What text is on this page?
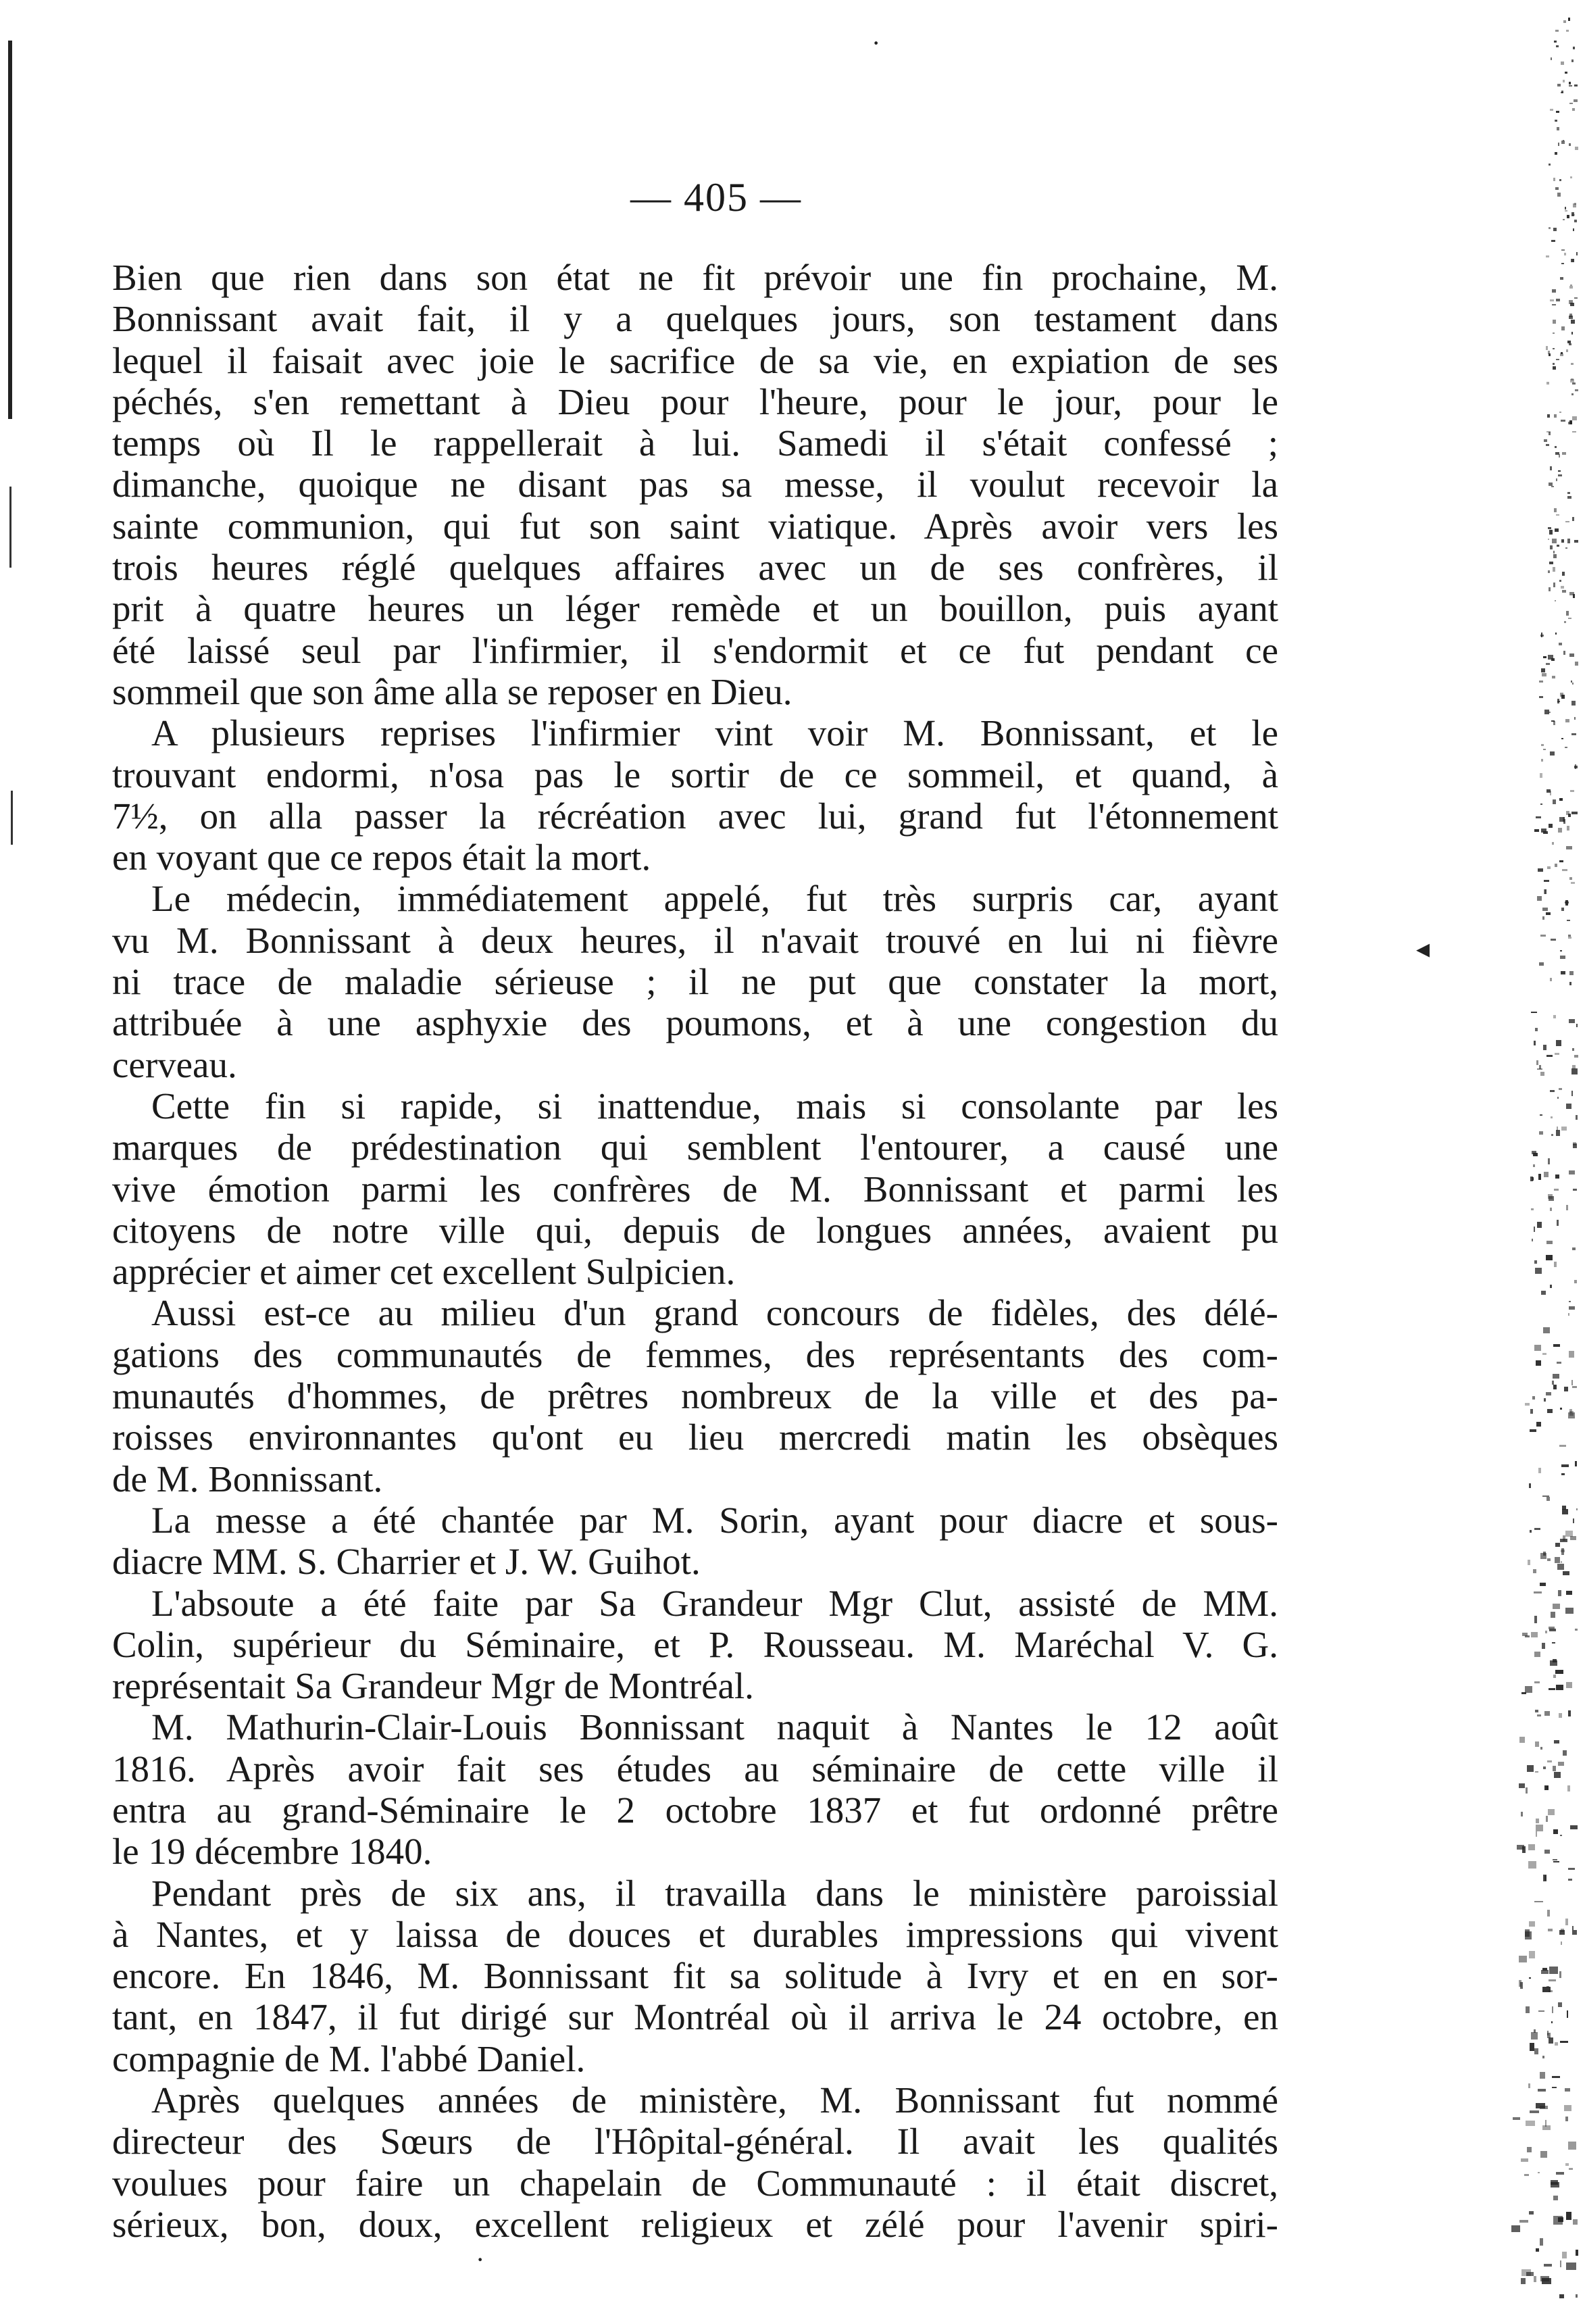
— 405 —
Bien que rien dans son état ne fit prévoir une fin prochaine, M.
Bonnissant avait fait, il y a quelques jours, son testament dans
lequel il faisait avec joie le sacrifice de sa vie, en expiation de ses
péchés, s'en remettant à Dieu pour l'heure, pour le jour, pour le
temps où Il le rappellerait à lui. Samedi il s'était confessé ;
dimanche, quoique ne disant pas sa messe, il voulut recevoir la
sainte communion, qui fut son saint viatique. Après avoir vers les
trois heures réglé quelques affaires avec un de ses confrères, il
prit à quatre heures un léger remède et un bouillon, puis ayant
été laissé seul par l'infirmier, il s'endormit et ce fut pendant ce
sommeil que son âme alla se reposer en Dieu.
A plusieurs reprises l'infirmier vint voir M. Bonnissant, et le
trouvant endormi, n'osa pas le sortir de ce sommeil, et quand, à
7½, on alla passer la récréation avec lui, grand fut l'étonnement
en voyant que ce repos était la mort.
Le médecin, immédiatement appelé, fut très surpris car, ayant
vu M. Bonnissant à deux heures, il n'avait trouvé en lui ni fièvre
ni trace de maladie sérieuse ; il ne put que constater la mort,
attribuée à une asphyxie des poumons, et à une congestion du
cerveau.
Cette fin si rapide, si inattendue, mais si consolante par les
marques de prédestination qui semblent l'entourer, a causé une
vive émotion parmi les confrères de M. Bonnissant et parmi les
citoyens de notre ville qui, depuis de longues années, avaient pu
apprécier et aimer cet excellent Sulpicien.
Aussi est-ce au milieu d'un grand concours de fidèles, des délé-
gations des communautés de femmes, des représentants des com-
munautés d'hommes, de prêtres nombreux de la ville et des pa-
roisses environnantes qu'ont eu lieu mercredi matin les obsèques
de M. Bonnissant.
La messe a été chantée par M. Sorin, ayant pour diacre et sous-
diacre MM. S. Charrier et J. W. Guihot.
L'absoute a été faite par Sa Grandeur Mgr Clut, assisté de MM.
Colin, supérieur du Séminaire, et P. Rousseau. M. Maréchal V. G.
représentait Sa Grandeur Mgr de Montréal.
M. Mathurin-Clair-Louis Bonnissant naquit à Nantes le 12 août
1816. Après avoir fait ses études au séminaire de cette ville il
entra au grand-Séminaire le 2 octobre 1837 et fut ordonné prêtre
le 19 décembre 1840.
Pendant près de six ans, il travailla dans le ministère paroissial
à Nantes, et y laissa de douces et durables impressions qui vivent
encore. En 1846, M. Bonnissant fit sa solitude à Ivry et en en sor-
tant, en 1847, il fut dirigé sur Montréal où il arriva le 24 octobre, en
compagnie de M. l'abbé Daniel.
Après quelques années de ministère, M. Bonnissant fut nommé
directeur des Sœurs de l'Hôpital-général. Il avait les qualités
voulues pour faire un chapelain de Communauté : il était discret,
sérieux, bon, doux, excellent religieux et zélé pour l'avenir spiri-
◂
·
·
